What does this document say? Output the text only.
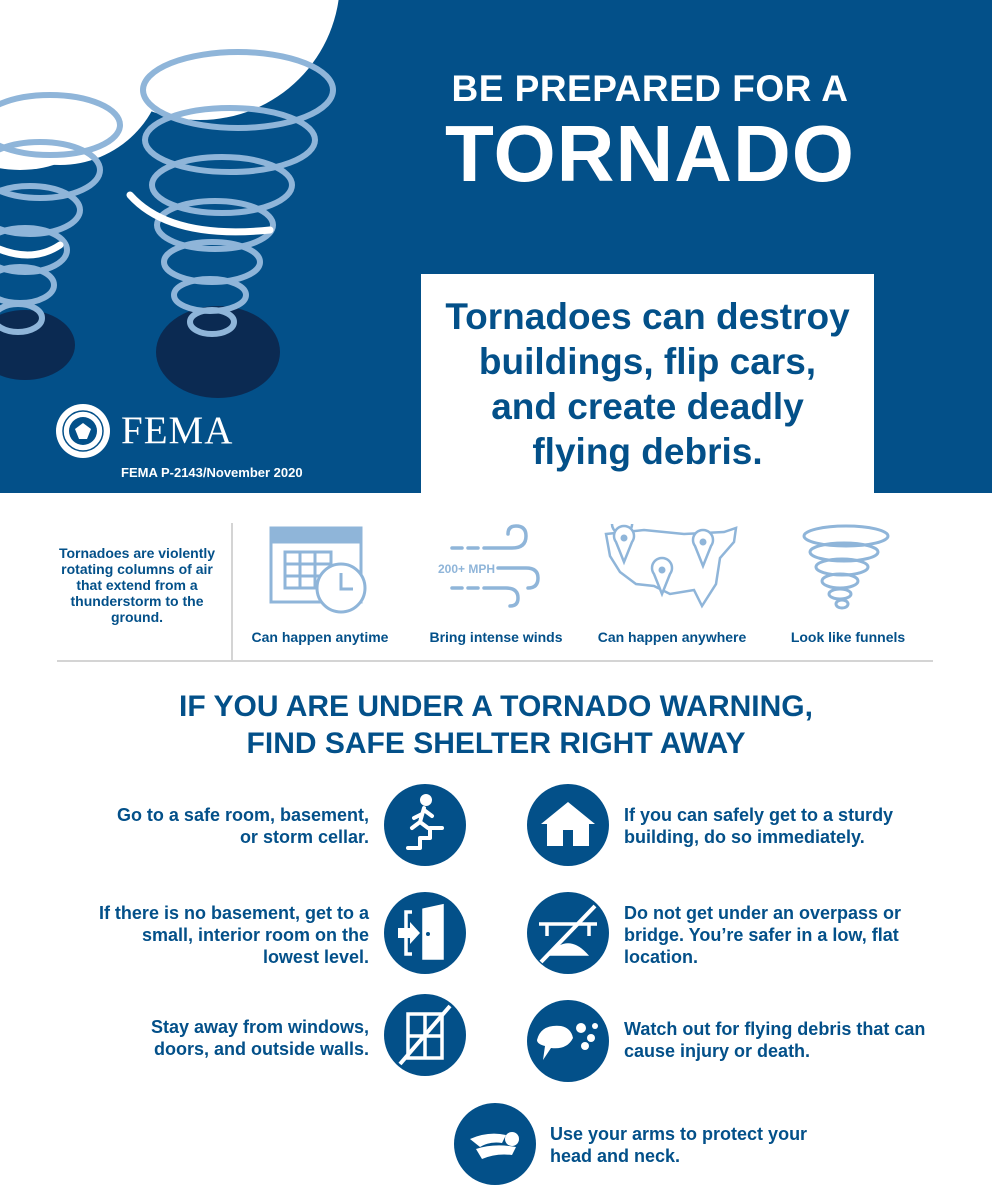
BE PREPARED FOR A
TORNADO
Tornadoes can destroy buildings, flip cars, and create deadly flying debris.
FEMA
FEMA P-2143/November 2020
Tornadoes are violently rotating columns of air that extend from a thunderstorm to the ground.
Can happen anytime
200+ MPH
Bring intense winds	Can happen anywhere	Look like funnels
IF YOU ARE UNDER A TORNADO WARNING,
FIND SAFE SHELTER RIGHT AWAY
Go to a safe room, basement, or storm cellar.
If there is no basement, get to a small, interior room on the lowest level.
Stay away from windows, doors, and outside walls.
If you can safely get to a sturdy building, do so immediately.
Do not get under an overpass or bridge. You’re safer in a low, flat location.
Watch out for flying debris that can cause injury or death.
Use your arms to protect your head and neck.
